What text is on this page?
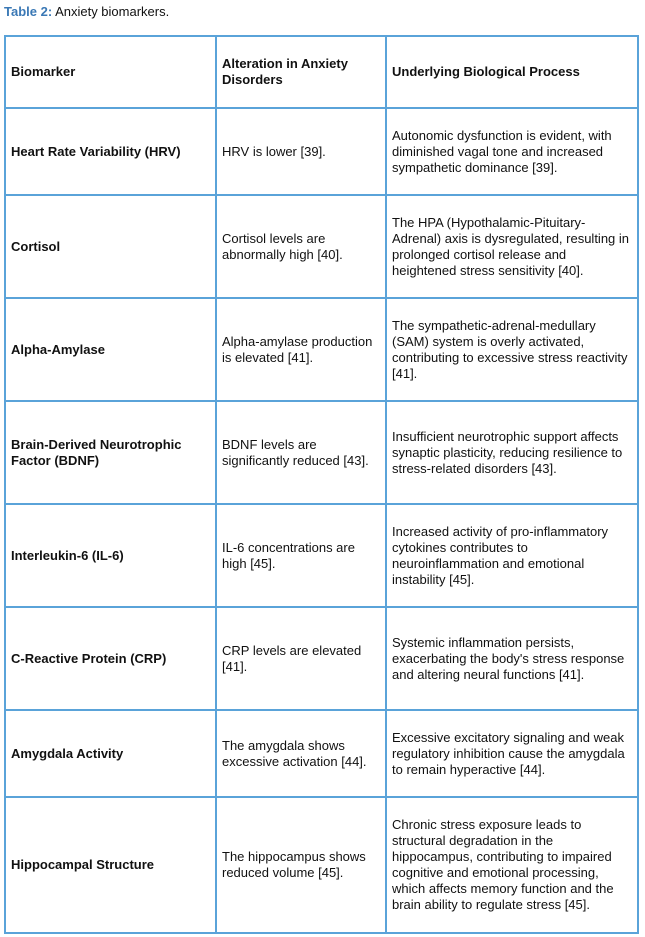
Table 2: Anxiety biomarkers.
Biomarker	Alteration in Anxiety Disorders	Underlying Biological Process
Heart Rate Variability (HRV)	HRV is lower [39].	Autonomic dysfunction is evident, with diminished vagal tone and increased sympathetic dominance [39].
Cortisol	Cortisol levels are abnormally high [40].	The HPA (Hypothalamic-Pituitary-Adrenal) axis is dysregulated, resulting in prolonged cortisol release and heightened stress sensitivity [40].
Alpha-Amylase	Alpha-amylase production is elevated [41].	The sympathetic-adrenal-medullary (SAM) system is overly activated, contributing to excessive stress reactivity [41].
Brain-Derived Neurotrophic Factor (BDNF)	BDNF levels are significantly reduced [43].	Insufficient neurotrophic support affects synaptic plasticity, reducing resilience to stress-related disorders [43].
Interleukin-6 (IL-6)	IL-6 concentrations are high [45].	Increased activity of pro-inflammatory cytokines contributes to neuroinflammation and emotional instability [45].
C-Reactive Protein (CRP)	CRP levels are elevated [41].	Systemic inflammation persists, exacerbating the body's stress response and altering neural functions [41].
Amygdala Activity	The amygdala shows excessive activation [44].	Excessive excitatory signaling and weak regulatory inhibition cause the amygdala to remain hyperactive [44].
Hippocampal Structure	The hippocampus shows reduced volume [45].	Chronic stress exposure leads to structural degradation in the hippocampus, contributing to impaired cognitive and emotional processing, which affects memory function and the brain ability to regulate stress [45].
